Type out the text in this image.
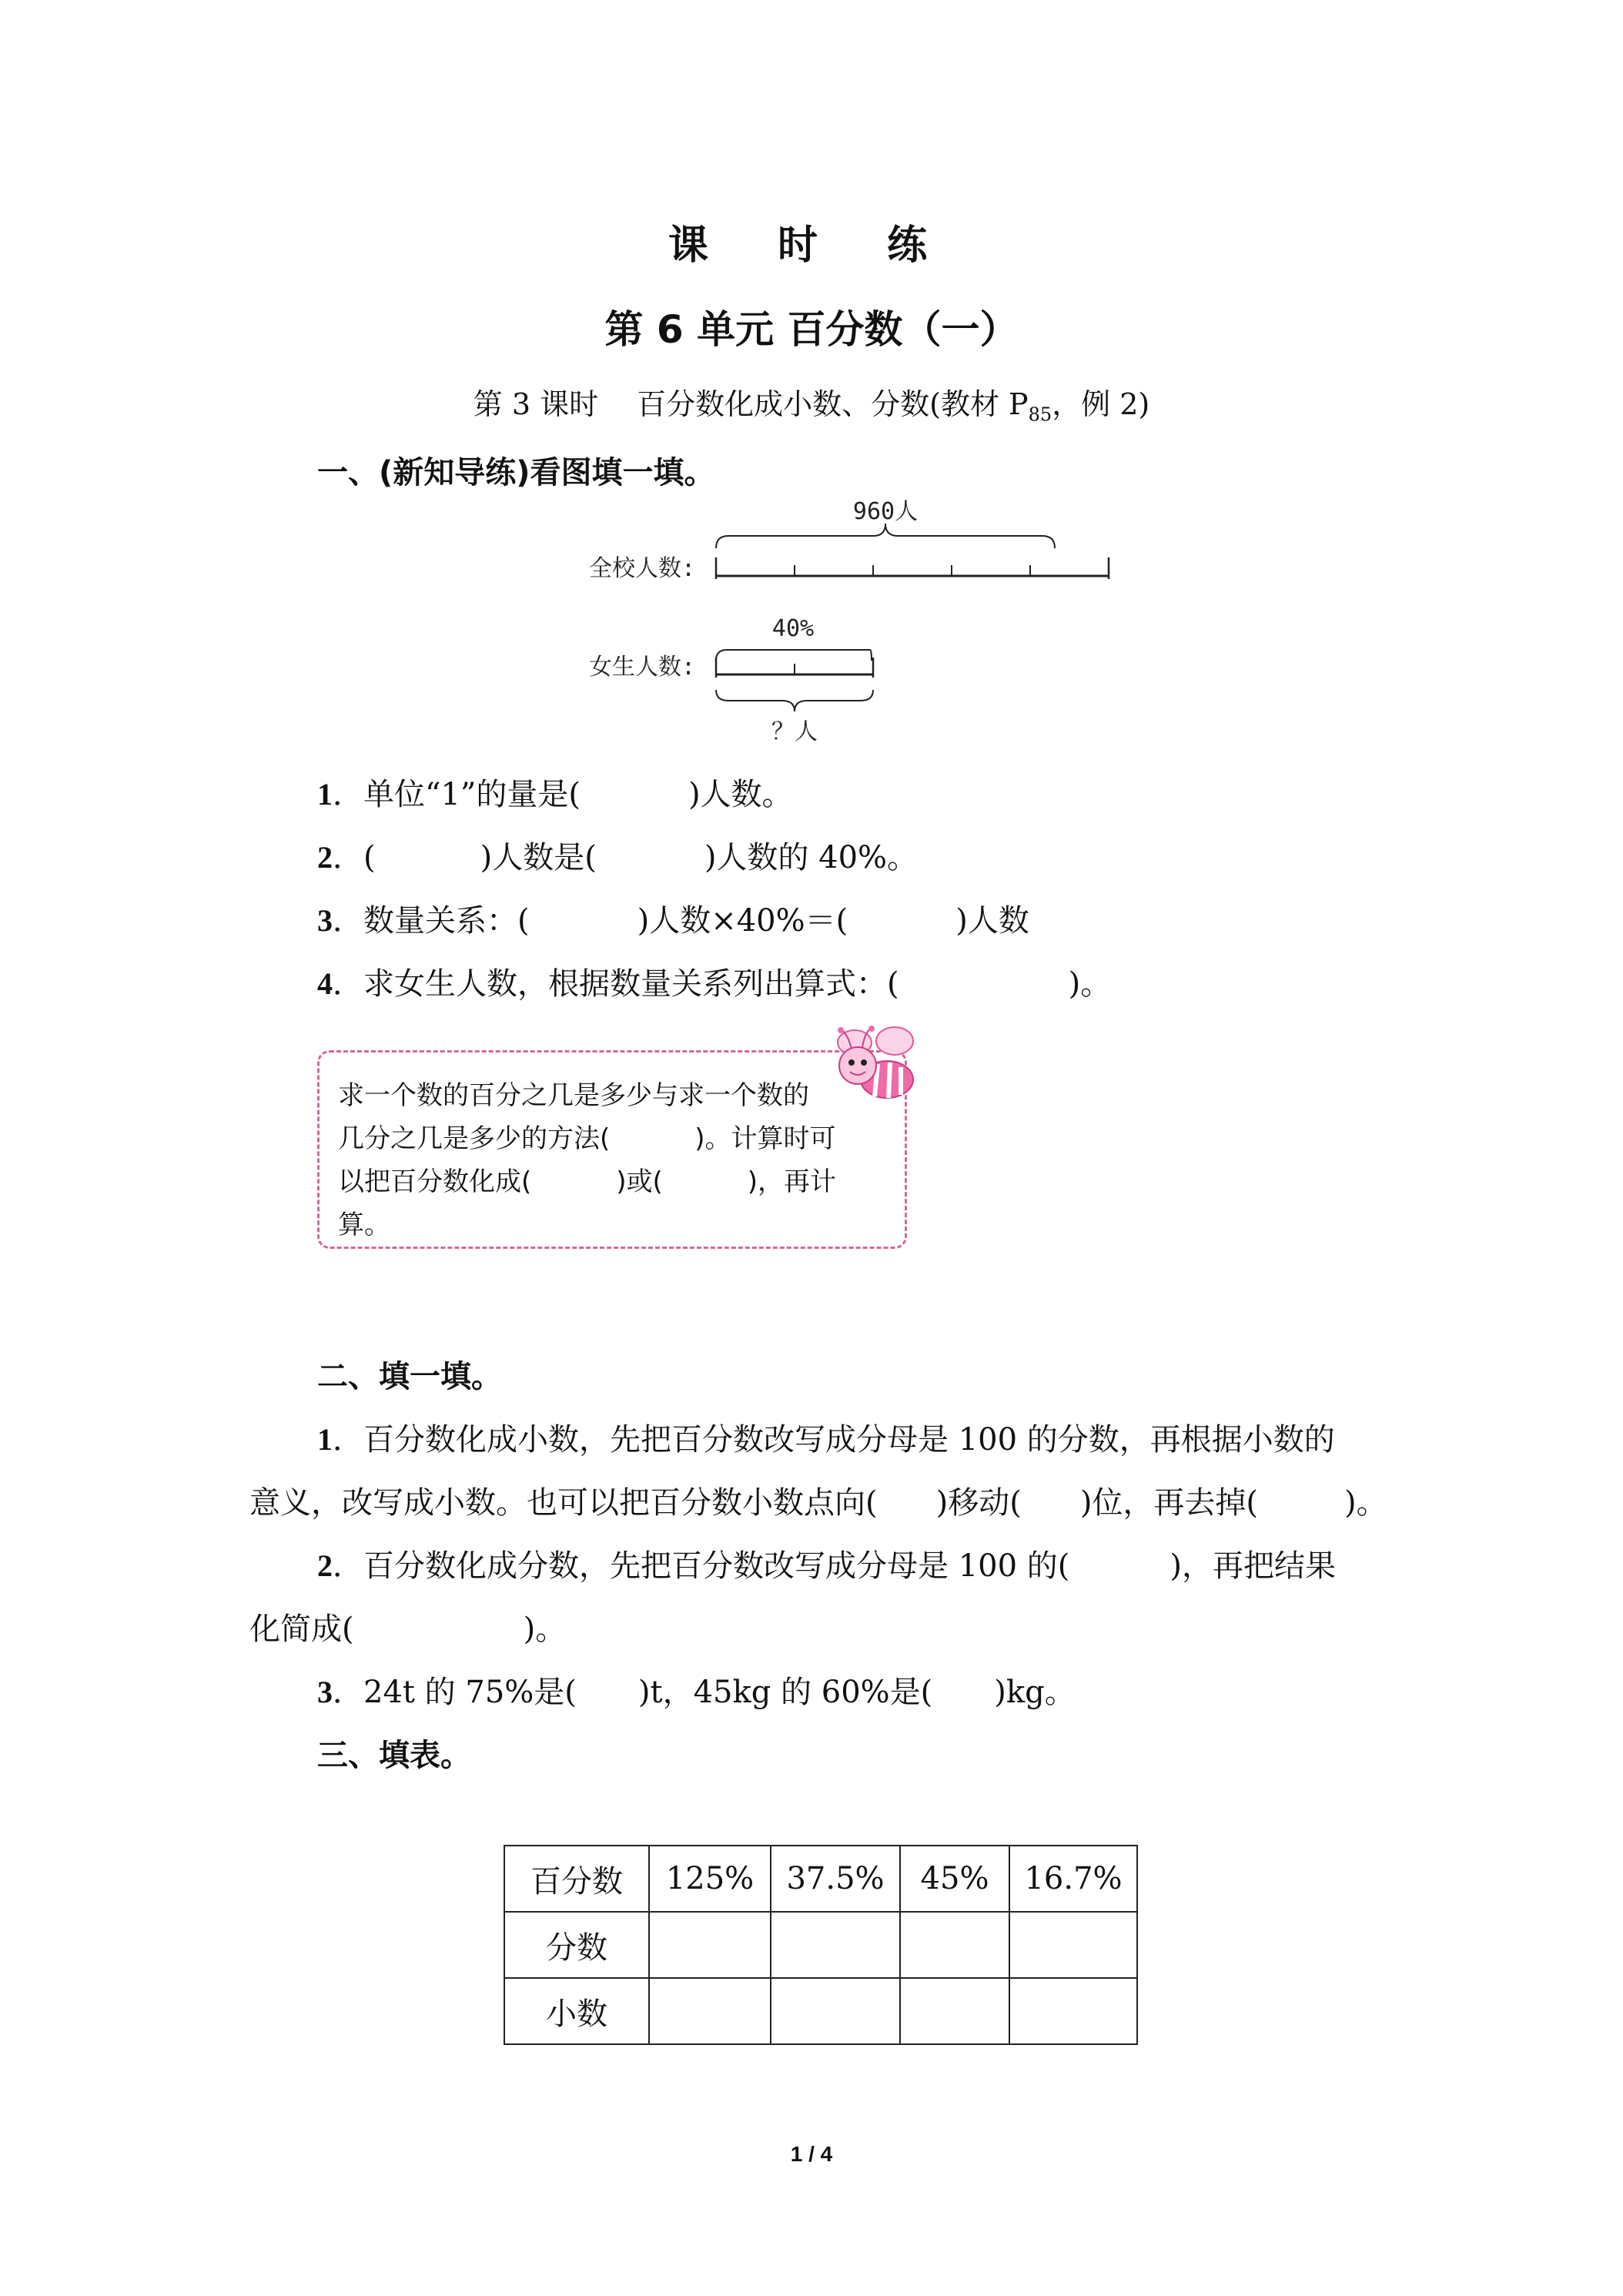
课 时 练
第 6 单元 百分数（一）
第 3 课时　 百分数化成小数、分数(教材 $P_{85}$，例 2)
一、(新知导练)看图填一填。
960人
全校人数:
40%
女生人数:
？人
1．单位“1”的量是(	)人数。
2．(	)人数是(	)人数的 40%。
3．数量关系：(	)人数×40%＝(	)人数
4．求女生人数，根据数量关系列出算式：(	)。
求一个数的百分之几是多少与求一个数的
几分之几是多少的方法(	)。计算时可
以把百分数化成(	)或(	)，再计
算。
二、填一填。
1．百分数化成小数，先把百分数改写成分母是 100 的分数，再根据小数的
意义，改写成小数。也可以把百分数小数点向( )移动( )位，再去掉(	)。
2．百分数化成分数，先把百分数改写成分母是 100 的(	)，再把结果
化简成(	)。
3．24t 的 75%是( )t，45kg 的 60%是( )kg。
三、填表。
百分数	125%	37.5%	45%	16.7%
分数				
小数				
1 / 4
